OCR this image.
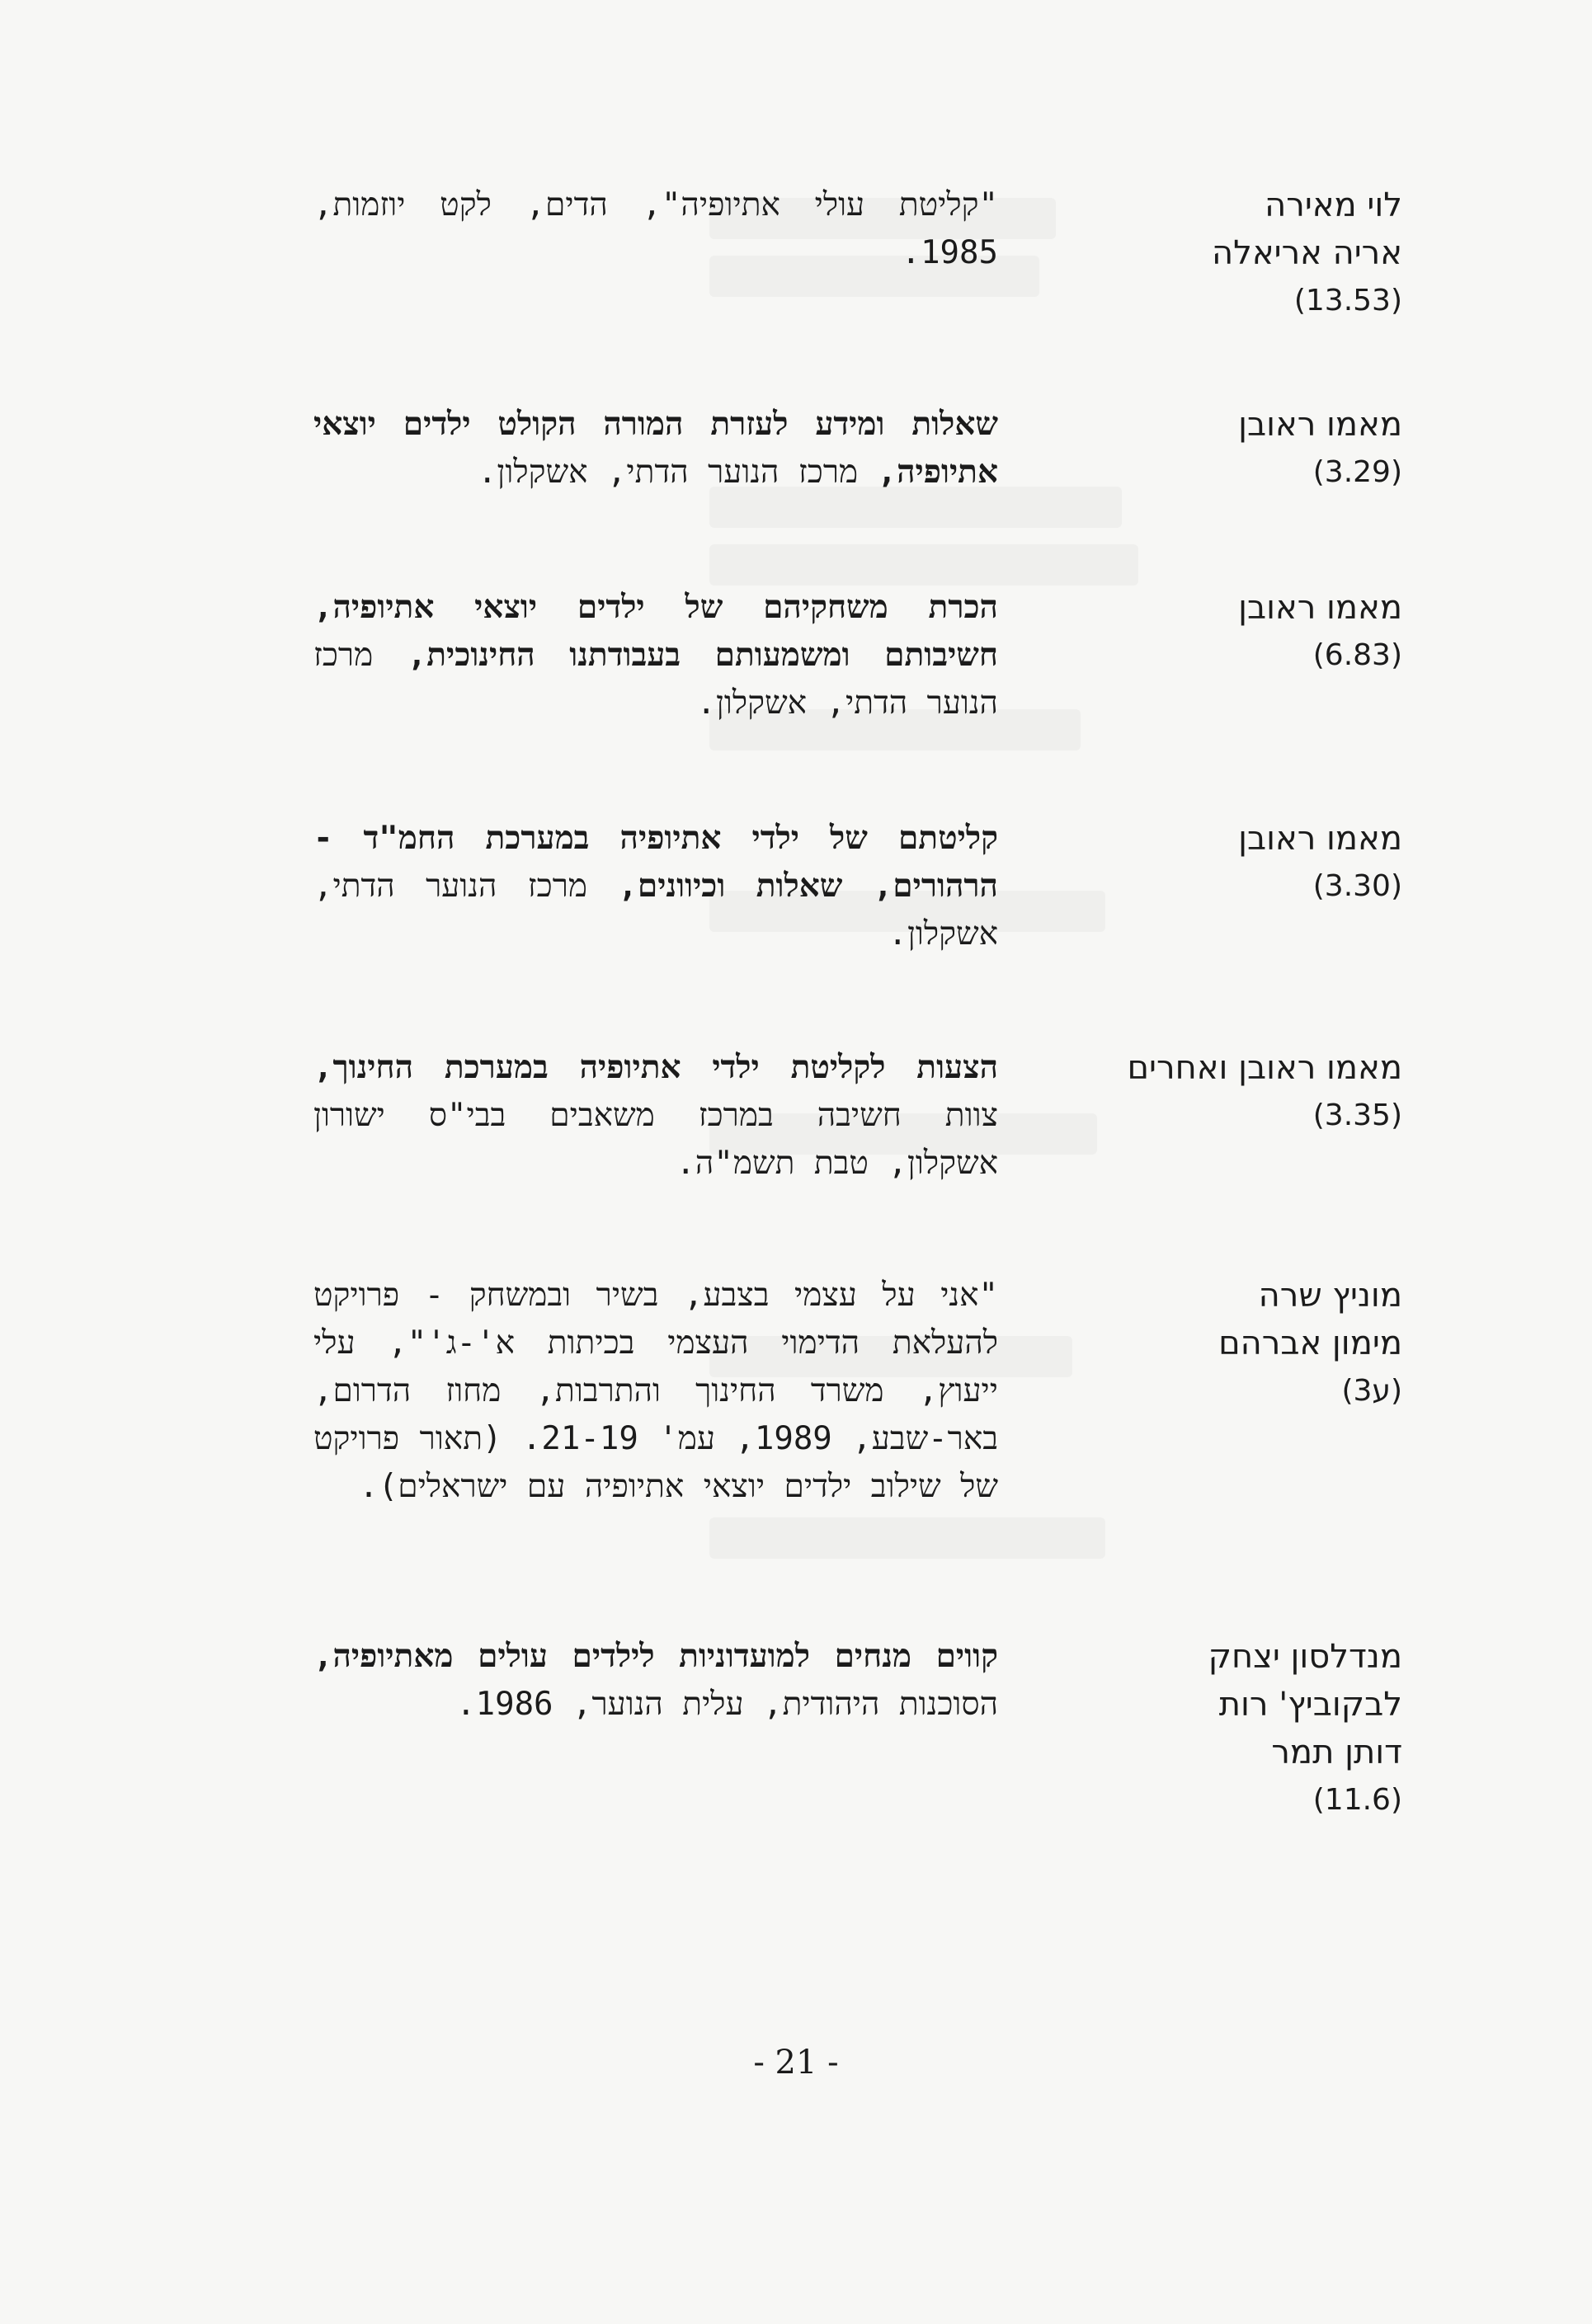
לוי מאירה
אריה אריאלה
(13.53)
"קליטת עולי אתיופיה", הדים, לקט יוזמות, 1985.
מאמו ראובן
(3.29)
שאלות ומידע לעזרת המורה הקולט ילדים יוצאי אתיופיה, מרכז הנוער הדתי, אשקלון.
מאמו ראובן
(6.83)
הכרת משחקיהם של ילדים יוצאי אתיופיה, חשיבותם ומשמעותם בעבודתנו החינוכית, מרכז הנוער הדתי, אשקלון.
מאמו ראובן
(3.30)
קליטתם של ילדי אתיופיה במערכת החמ"ד - הרהורים, שאלות וכיוונים, מרכז הנוער הדתי, אשקלון.
מאמו ראובן ואחרים
(3.35)
הצעות לקליטת ילדי אתיופיה במערכת החינוך, צוות חשיבה במרכז משאבים בבי"ס ישורון אשקלון, טבת תשמ"ה.
מוניץ שרה
מימון אברהם
(3ע)
"אני על עצמי בצבע, בשיר ובמשחק - פרויקט להעלאת הדימוי העצמי בכיתות א'-ג'", עלי ייעוץ, משרד החינוך והתרבות, מחוז הדרום, באר-שבע, 1989, עמ' 21-19. (תאור פרויקט של שילוב ילדים יוצאי אתיופיה עם ישראלים).
מנדלסון יצחק
לבקוביץ' רות
דותן תמר
(11.6)
קווים מנחים למועדוניות לילדים עולים מאתיופיה, הסוכנות היהודית, עלית הנוער, 1986.
- 21 -
